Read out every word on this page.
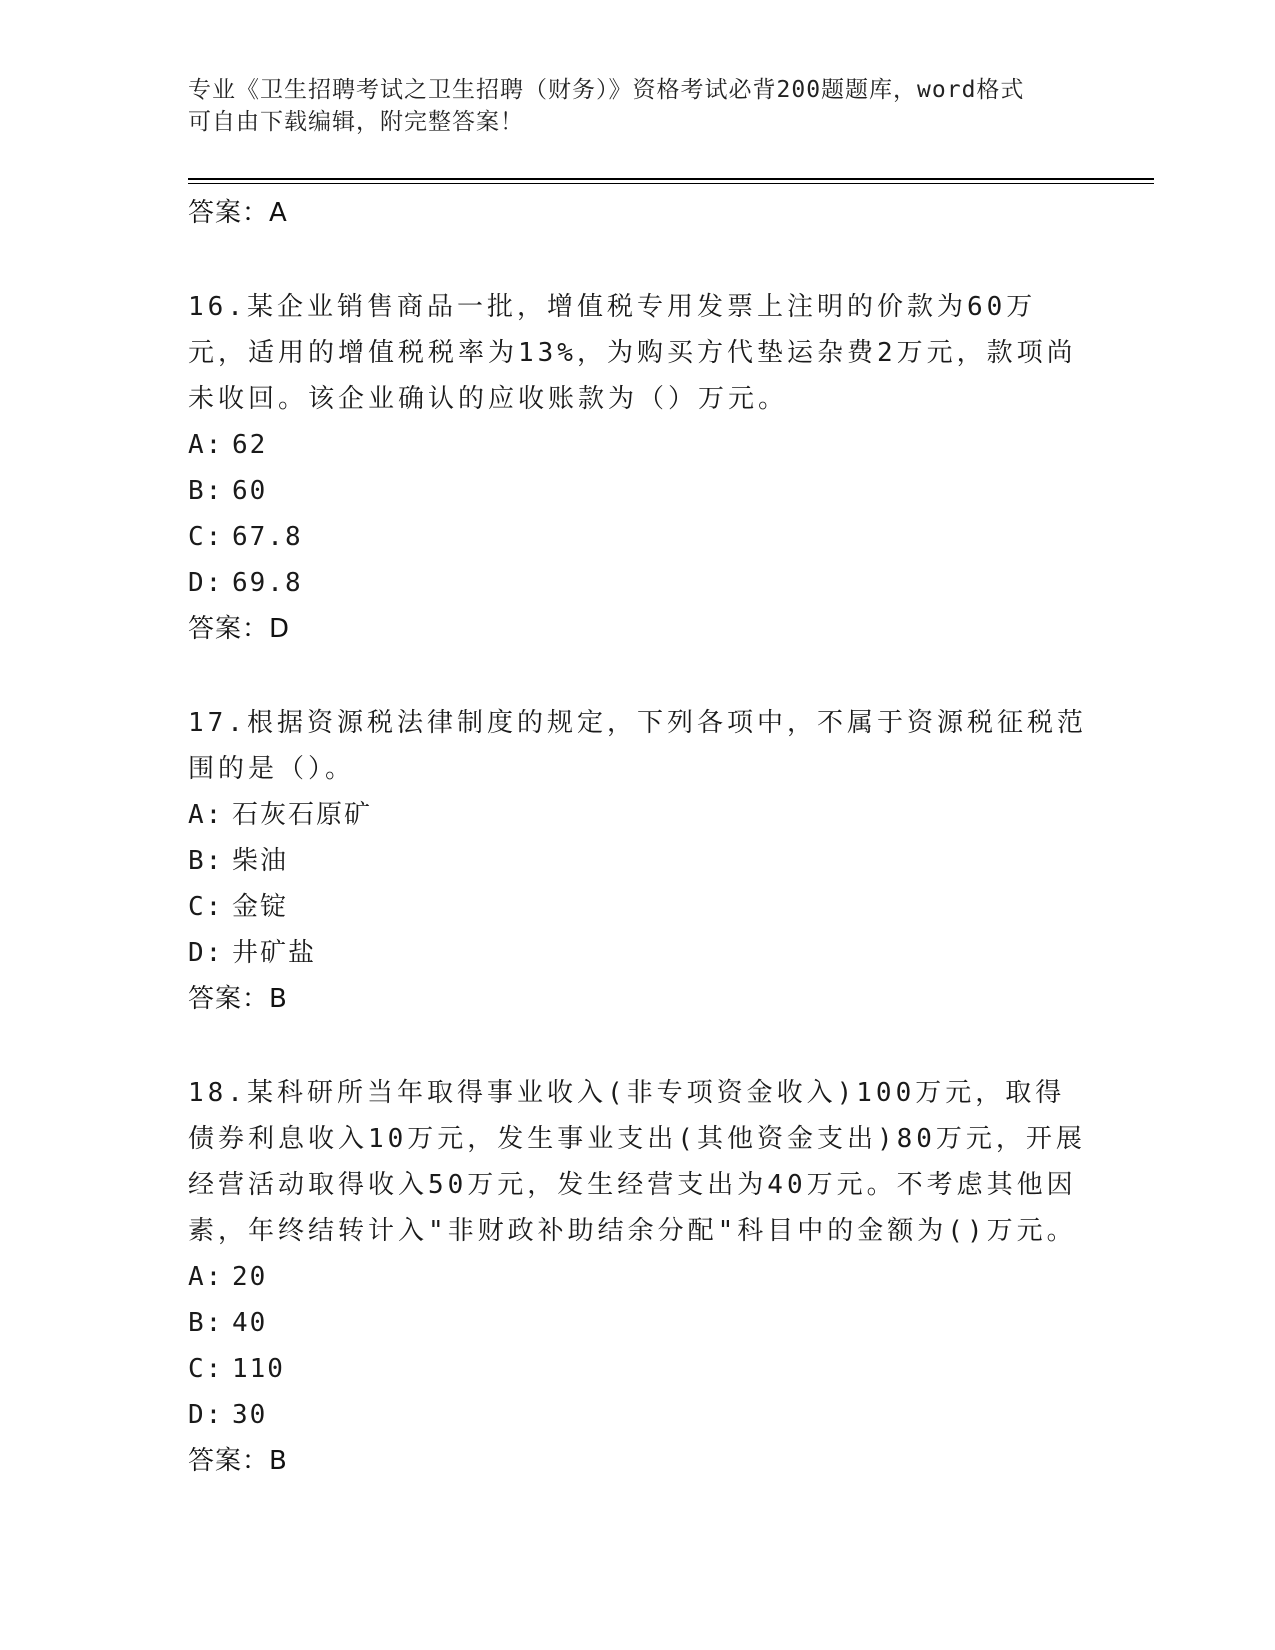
专业《卫生招聘考试之卫生招聘（财务）》资格考试必背200题题库，word格式
可自由下载编辑，附完整答案！
答案：A
16.某企业销售商品一批，增值税专用发票上注明的价款为60万元，适用的增值税税率为13%，为购买方代垫运杂费2万元，款项尚未收回。该企业确认的应收账款为（）万元。
A: 62
B: 60
C: 67.8
D: 69.8
答案：D
17.根据资源税法律制度的规定，下列各项中，不属于资源税征税范围的是（）。
A: 石灰石原矿
B: 柴油
C: 金锭
D: 井矿盐
答案：B
18.某科研所当年取得事业收入(非专项资金收入)100万元，取得债券利息收入10万元，发生事业支出(其他资金支出)80万元，开展经营活动取得收入50万元，发生经营支出为40万元。不考虑其他因素，年终结转计入"非财政补助结余分配"科目中的金额为()万元。
A: 20
B: 40
C: 110
D: 30
答案：B
